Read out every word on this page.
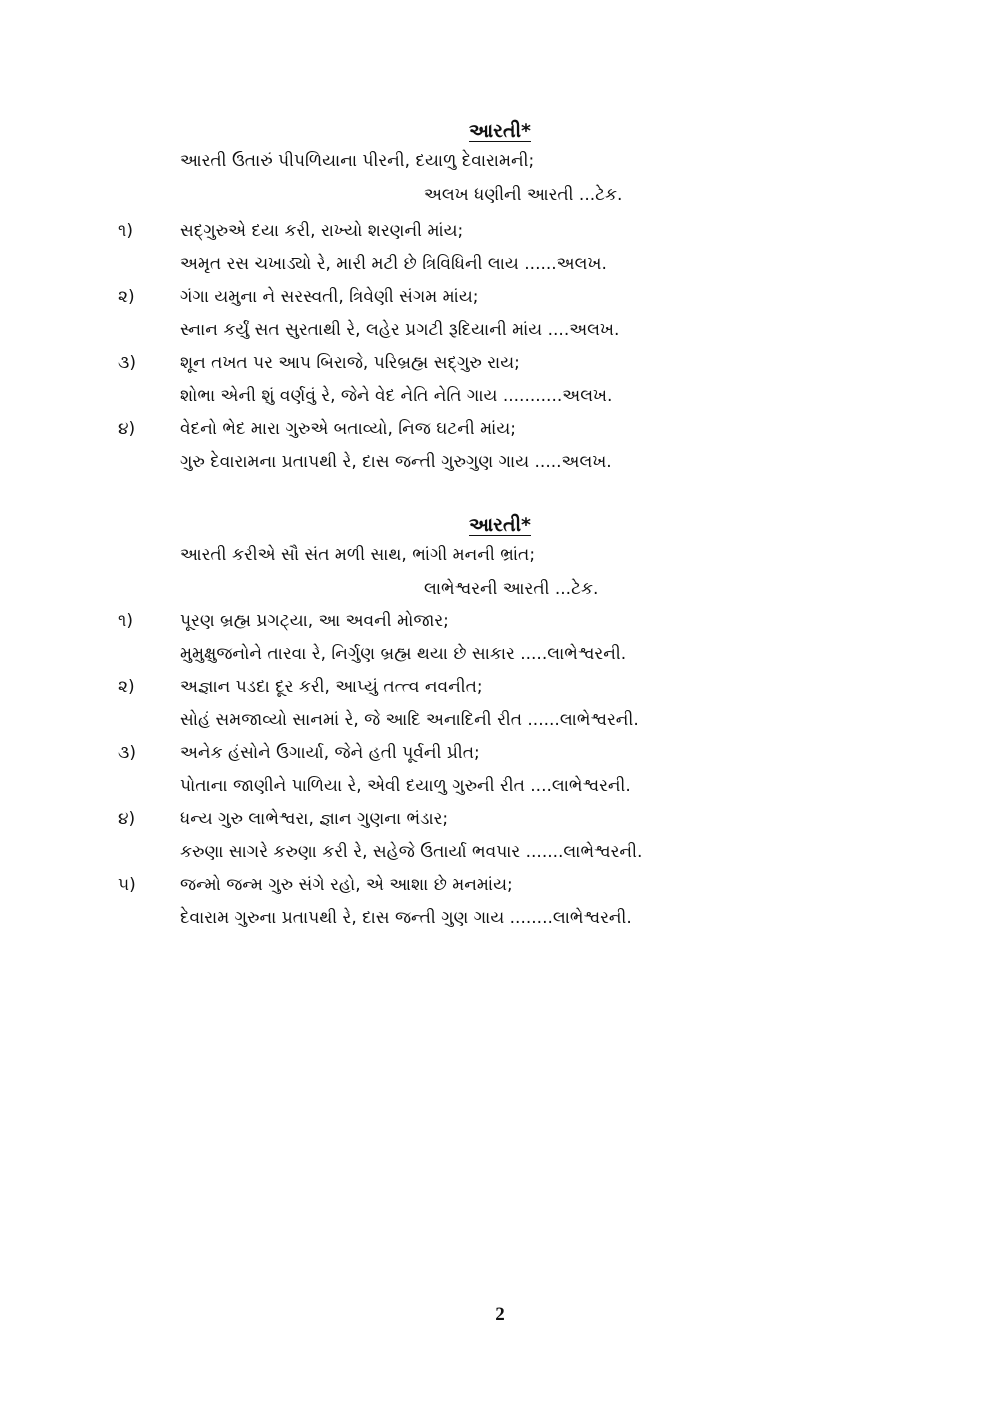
આરતી*
આરતી ઉતારું પીપળિયાના પીરની, દયાળુ દેવારામની;
અલખ ધણીની આરતી ...ટેક.
૧)	સદ્ગુરુએ દયા કરી, રાખ્યો શરણની માંય;
અમૃત રસ ચખાડ્યો રે, મારી મટી છે ત્રિવિધિની લાય ......અલખ.
૨)	ગંગા યમુના ને સરસ્વતી, ત્રિવેણી સંગમ માંય;
સ્નાન કર્યું સત સુરતાથી રે, લહેર પ્રગટી રૂદિયાની માંય ....અલખ.
૩)	શૂન તખત પર આપ બિરાજે, પરિબ્રહ્મ સદ્ગુરુ રાય;
શોભા એની શું વર્ણવું રે, જેને વેદ નેતિ નેતિ ગાય ...........અલખ.
૪)	વેદનો ભેદ મારા ગુરુએ બતાવ્યો, નિજ ઘટની માંય;
ગુરુ દેવારામના પ્રતાપથી રે, દાસ જન્તી ગુરુગુણ ગાય .....અલખ.
આરતી*
આરતી કરીએ સૌ સંત મળી સાથ, ભાંગી મનની ભ્રાંત;
લાભેશ્વરની આરતી ...ટેક.
૧)	પૂરણ બ્રહ્મ પ્રગટ્યા, આ અવની મોજાર;
મુમુક્ષુજનોને તારવા રે, નિર્ગુણ બ્રહ્મ થયા છે સાકાર .....લાભેશ્વરની.
૨)	અજ્ઞાન પડદા દૂર કરી, આપ્યું તત્ત્વ નવનીત;
સોહં સમજાવ્યો સાનમાં રે, જે આદિ અનાદિની રીત ......લાભેશ્વરની.
૩)	અનેક હંસોને ઉગાર્યા, જેને હતી પૂર્વની પ્રીત;
પોતાના જાણીને પાળિયા રે, એવી દયાળુ ગુરુની રીત ....લાભેશ્વરની.
૪)	ધન્ય ગુરુ લાભેશ્વરા, જ્ઞાન ગુણના ભંડાર;
કરુણા સાગરે કરુણા કરી રે, સહેજે ઉતાર્યા ભવપાર .......લાભેશ્વરની.
૫)	જન્મો જન્મ ગુરુ સંગે રહો, એ આશા છે મનમાંય;
દેવારામ ગુરુના પ્રતાપથી રે, દાસ જન્તી ગુણ ગાય ........લાભેશ્વરની.
2
